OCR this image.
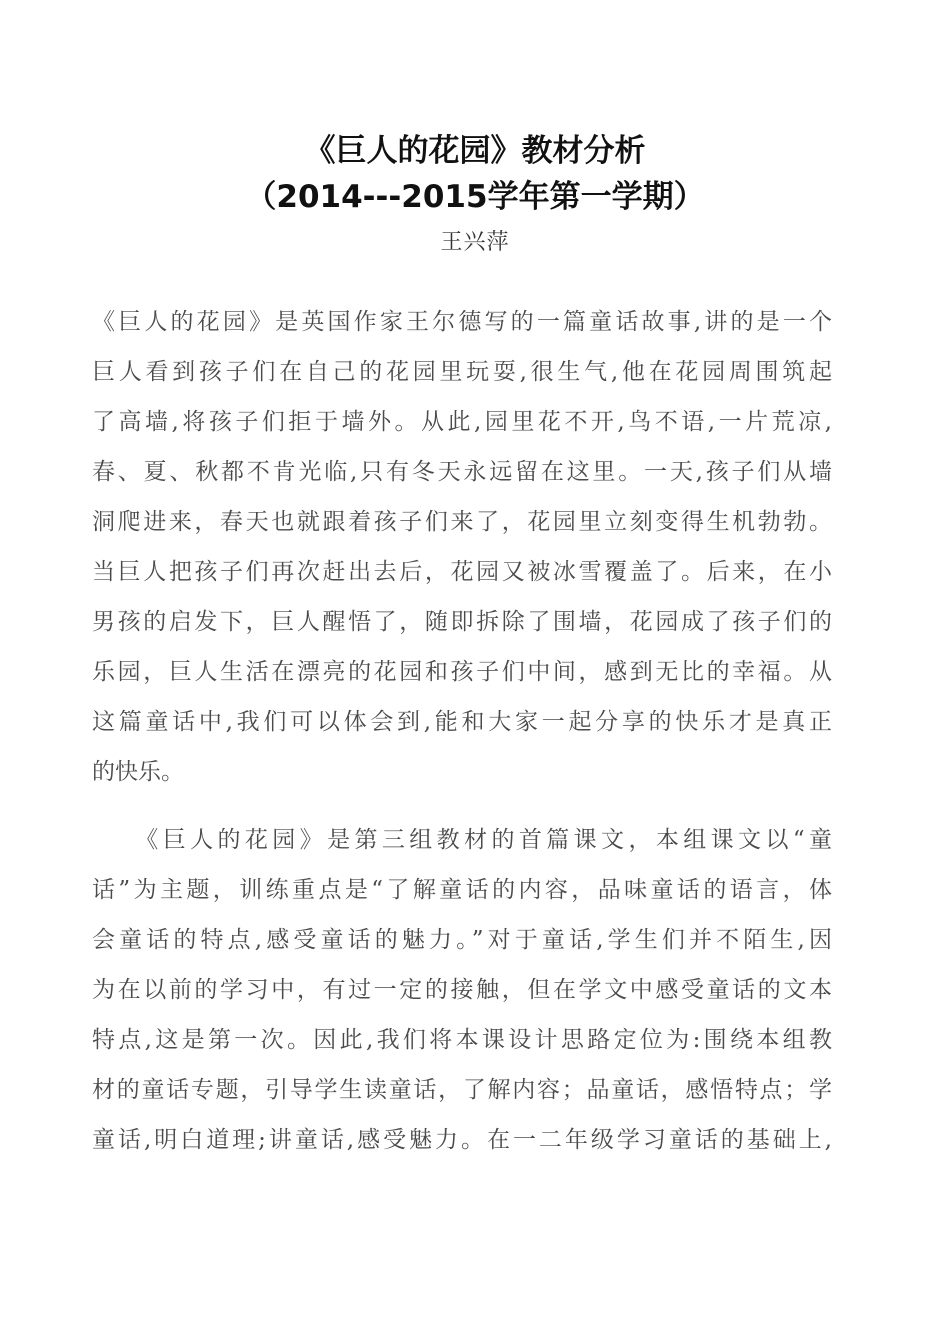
《巨人的花园》教材分析
（2014---2015学年第一学期）
王兴萍
《巨人的花园》是英国作家王尔德写的一篇童话故事,讲的是一个
巨人看到孩子们在自己的花园里玩耍,很生气,他在花园周围筑起
了高墙,将孩子们拒于墙外。从此,园里花不开,鸟不语,一片荒凉,
春、夏、秋都不肯光临,只有冬天永远留在这里。一天,孩子们从墙
洞爬进来，春天也就跟着孩子们来了，花园里立刻变得生机勃勃。
当巨人把孩子们再次赶出去后，花园又被冰雪覆盖了。后来，在小
男孩的启发下，巨人醒悟了，随即拆除了围墙，花园成了孩子们的
乐园，巨人生活在漂亮的花园和孩子们中间，感到无比的幸福。从
这篇童话中,我们可以体会到,能和大家一起分享的快乐才是真正
的快乐。
　　《巨人的花园》是第三组教材的首篇课文，本组课文以“童
话”为主题，训练重点是“了解童话的内容，品味童话的语言，体
会童话的特点,感受童话的魅力。”对于童话,学生们并不陌生,因
为在以前的学习中，有过一定的接触，但在学文中感受童话的文本
特点,这是第一次。因此,我们将本课设计思路定位为:围绕本组教
材的童话专题，引导学生读童话，了解内容；品童话，感悟特点；学
童话,明白道理;讲童话,感受魅力。在一二年级学习童话的基础上,
